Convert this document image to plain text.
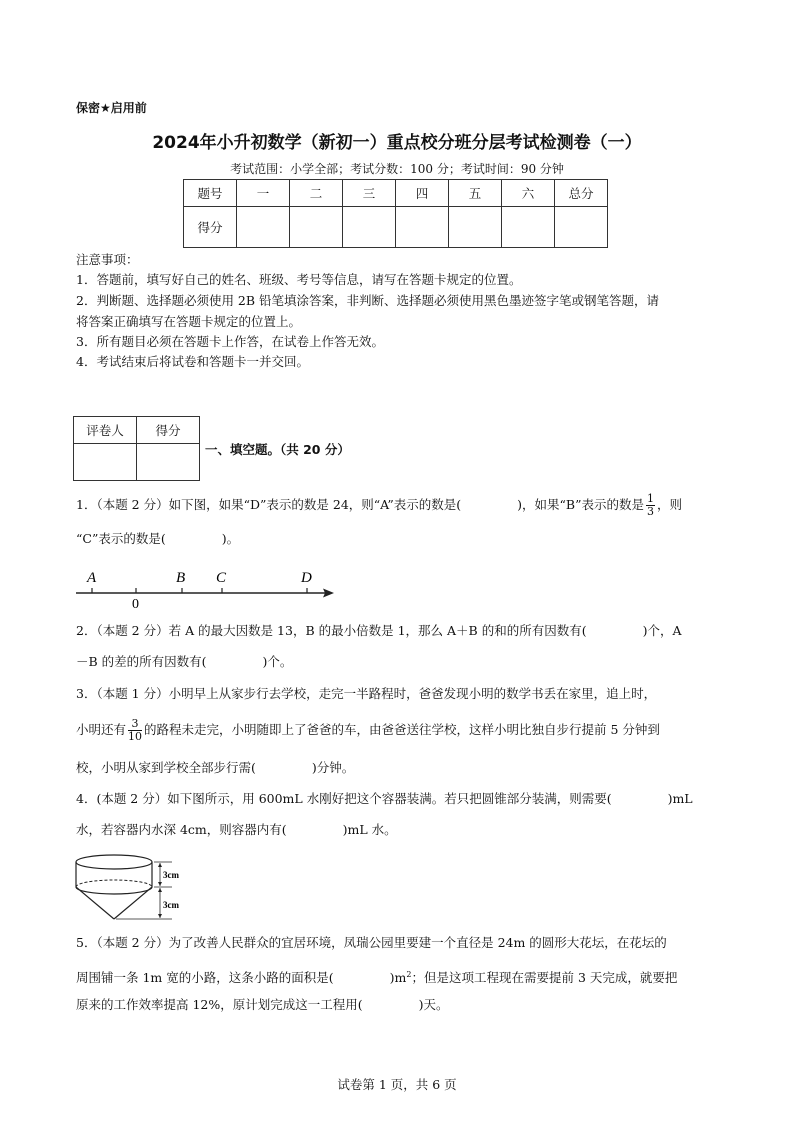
保密★启用前
2024年小升初数学（新初一）重点校分班分层考试检测卷（一）
考试范围：小学全部；考试分数：100 分；考试时间：90 分钟
题号	一	二	三	四	五	六	总分
得分							
注意事项：
1．答题前，填写好自己的姓名、班级、考号等信息，请写在答题卡规定的位置。
2．判断题、选择题必须使用 2B 铅笔填涂答案，非判断、选择题必须使用黑色墨迹签字笔或钢笔答题，请
将答案正确填写在答题卡规定的位置上。
3．所有题目必须在答题卡上作答，在试卷上作答无效。
4．考试结束后将试卷和答题卡一并交回。
评卷人	得分

一、填空题。（共 20 分）
1．（本题 2 分）如下图，如果“D”表示的数是 24，则“A”表示的数是(	)，如果“B”表示的数是 $\frac{1}{3}$ ，则
“C”表示的数是(	)。
A	B C	D
0
2．（本题 2 分）若 A 的最大因数是 13，B 的最小倍数是 1，那么 A＋B 的和的所有因数有(	)个，A
－B 的差的所有因数有(	)个。
3．（本题 1 分）小明早上从家步行去学校，走完一半路程时，爸爸发现小明的数学书丢在家里，追上时，
小明还有 $\frac{3}{10}$ 的路程未走完，小明随即上了爸爸的车，由爸爸送往学校，这样小明比独自步行提前 5 分钟到
校，小明从家到学校全部步行需(	)分钟。
4．(本题 2 分）如下图所示，用 600mL 水刚好把这个容器装满。若只把圆锥部分装满，则需要(	)mL
水，若容器内水深 4cm，则容器内有(	)mL 水。
3cm
3cm
5．（本题 2 分）为了改善人民群众的宜居环境，凤瑞公园里要建一个直径是 24m 的圆形大花坛，在花坛的
周围铺一条 1m 宽的小路，这条小路的面积是(	)$m^2$；但是这项工程现在需要提前 3 天完成，就要把
原来的工作效率提高 12%，原计划完成这一工程用(	)天。
试卷第 1 页，共 6 页
